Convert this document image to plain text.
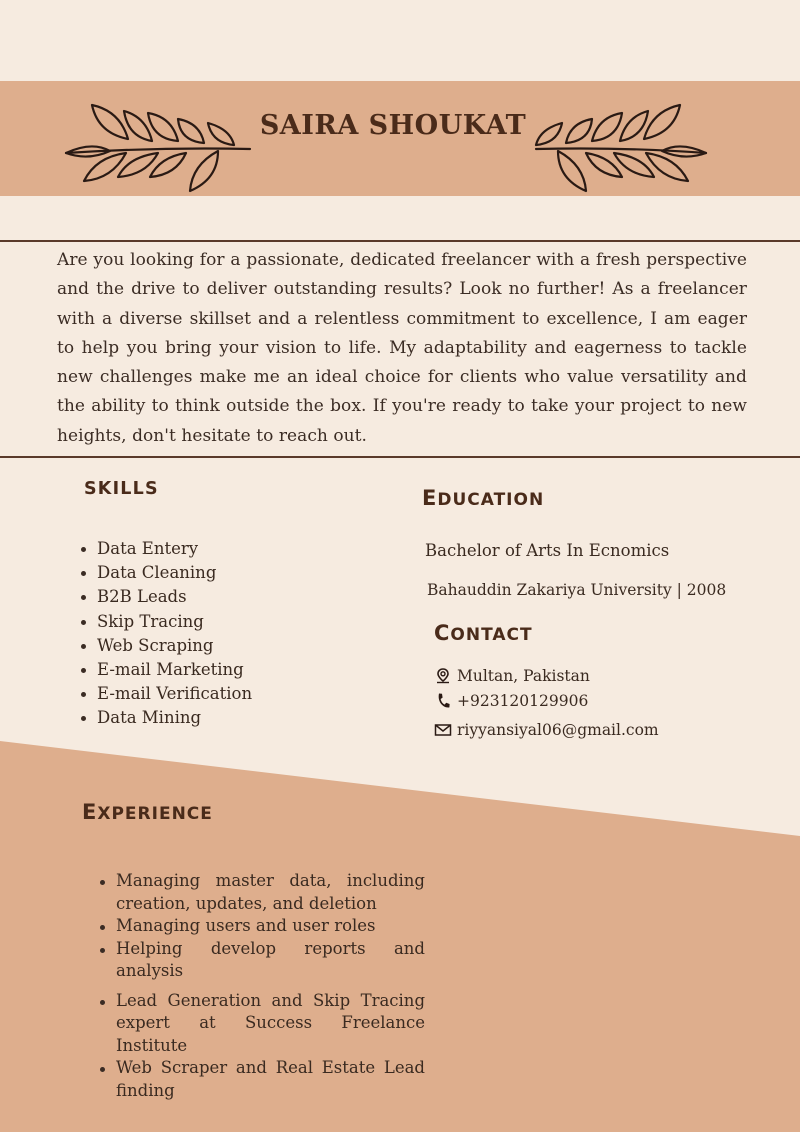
SAIRA SHOUKAT
Are you looking for a passionate, dedicated freelancer with a fresh perspective and the drive to deliver outstanding results? Look no further! As a freelancer with a diverse skillset and a relentless commitment to excellence, I am eager to help you bring your vision to life. My adaptability and eagerness to tackle new challenges make me an ideal choice for clients who value versatility and the ability to think outside the box. If you're ready to take your project to new heights, don't hesitate to reach out.
SKILLS
Data Entery
Data Cleaning
B2B Leads
Skip Tracing
Web Scraping
E-mail Marketing
E-mail Verification
Data Mining
EDUCATION
Bachelor of Arts In Ecnomics
Bahauddin Zakariya University | 2008
CONTACT
Multan, Pakistan
+923120129906
riyyansiyal06@gmail.com
EXPERIENCE
Managing master data, including creation, updates, and deletion
Managing users and user roles
Helping develop reports and analysis
Lead Generation and Skip Tracing expert at Success Freelance Institute
Web Scraper and Real Estate Lead finding
